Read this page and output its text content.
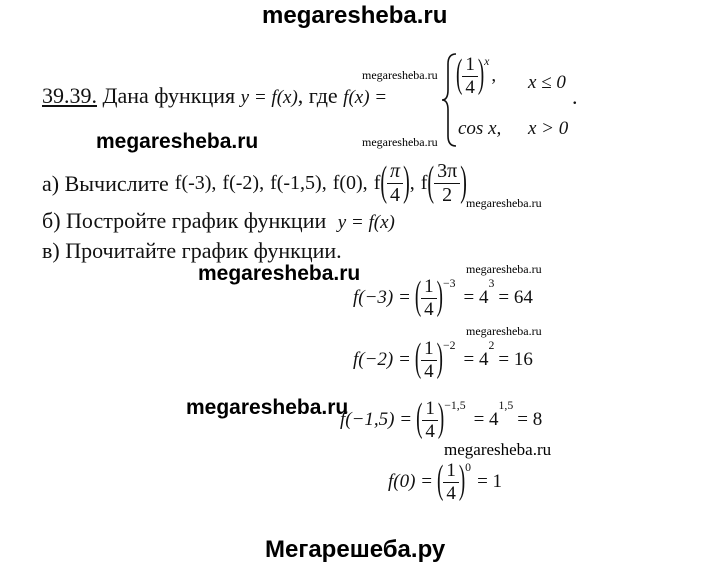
megaresheba.ru
39.39. Дана функция y = f(x), где f(x) =
megaresheba.ru
megaresheba.ru
( $\frac{1}{4}$ ) x
, x ≤ 0
.
cos x, x > 0
megaresheba.ru
а) Вычислите f(-3), f(-2), f(-1,5), f(0), f ( $\frac{\pi}{4}$ ) , f ( $\frac{3\pi}{2}$ ) megaresheba.ru
б) Постройте график функции y = f(x)
в) Прочитайте график функции.
megaresheba.ru
f(−3) = ( $\frac{1}{4}$ ) −3
= 4
3
= 64
megaresheba.ru
f(−2) = ( $\frac{1}{4}$ ) −2
= 4
2
= 16
megaresheba.ru
megaresheba.ru
f(−1,5) = ( $\frac{1}{4}$ ) −1,5
= 4
1,5
= 8
megaresheba.ru
f(0) = ( $\frac{1}{4}$ ) 0
= 1
Мегарешеба.ру
